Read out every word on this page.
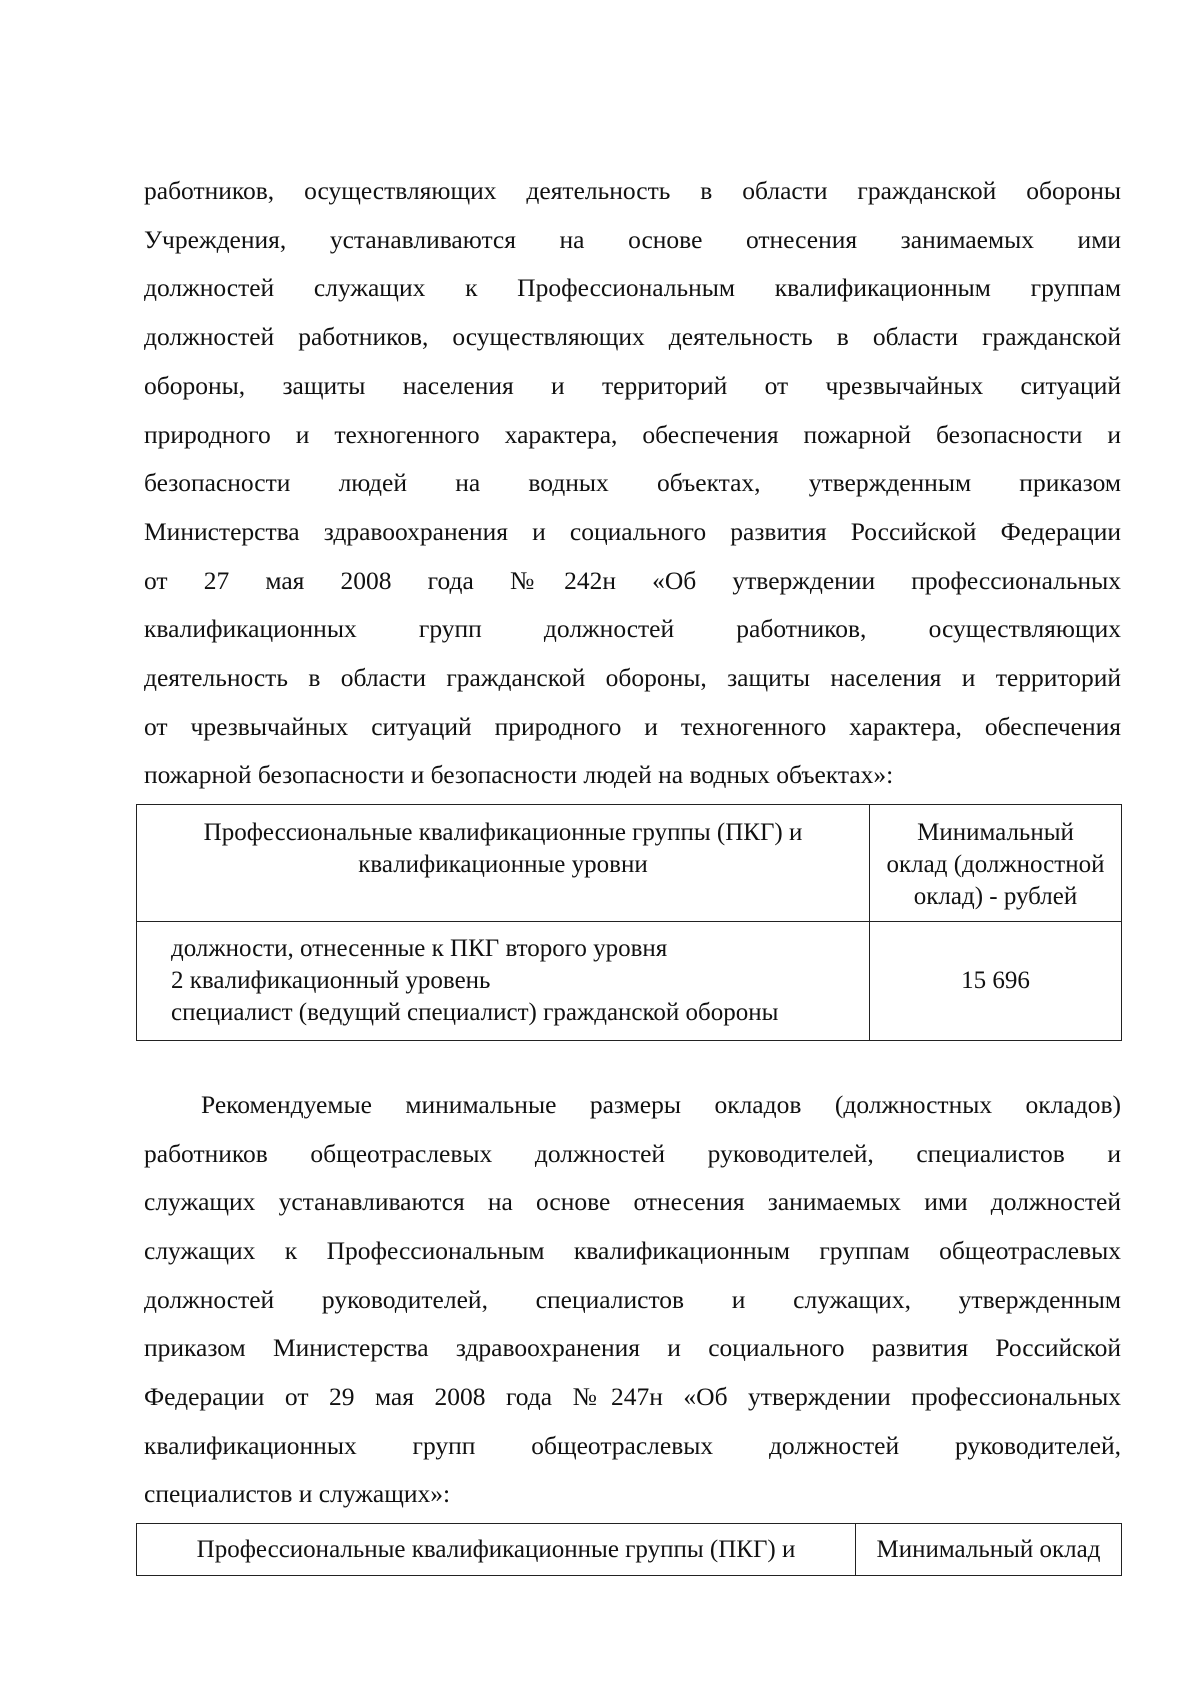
работников, осуществляющих деятельность в области гражданской обороны
Учреждения, устанавливаются на основе отнесения занимаемых ими
должностей служащих к Профессиональным квалификационным группам
должностей работников, осуществляющих деятельность в области гражданской
обороны, защиты населения и территорий от чрезвычайных ситуаций
природного и техногенного характера, обеспечения пожарной безопасности и
безопасности людей на водных объектах, утвержденным приказом
Министерства здравоохранения и социального развития Российской Федерации
от 27 мая 2008 года №242н «Об утверждении профессиональных
квалификационных групп должностей работников, осуществляющих
деятельность в области гражданской обороны, защиты населения и территорий
от чрезвычайных ситуаций природного и техногенного характера, обеспечения
пожарной безопасности и безопасности людей на водных объектах»:
Профессиональные квалификационные группы (ПКГ) и
квалификационные уровни	Минимальный
оклад (должностной
оклад) - рублей

должности, отнесенные к ПКГ второго уровня
2 квалификационный уровень
специалист (ведущий специалист) гражданской обороны	15 696
Рекомендуемые минимальные размеры окладов (должностных окладов)
работников общеотраслевых должностей руководителей, специалистов и
служащих устанавливаются на основе отнесения занимаемых ими должностей
служащих к Профессиональным квалификационным группам общеотраслевых
должностей руководителей, специалистов и служащих, утвержденным
приказом Министерства здравоохранения и социального развития Российской
Федерации от 29 мая 2008 года №247н «Об утверждении профессиональных
квалификационных групп общеотраслевых должностей руководителей,
специалистов и служащих»:
Профессиональные квалификационные группы (ПКГ) и	Минимальный оклад
